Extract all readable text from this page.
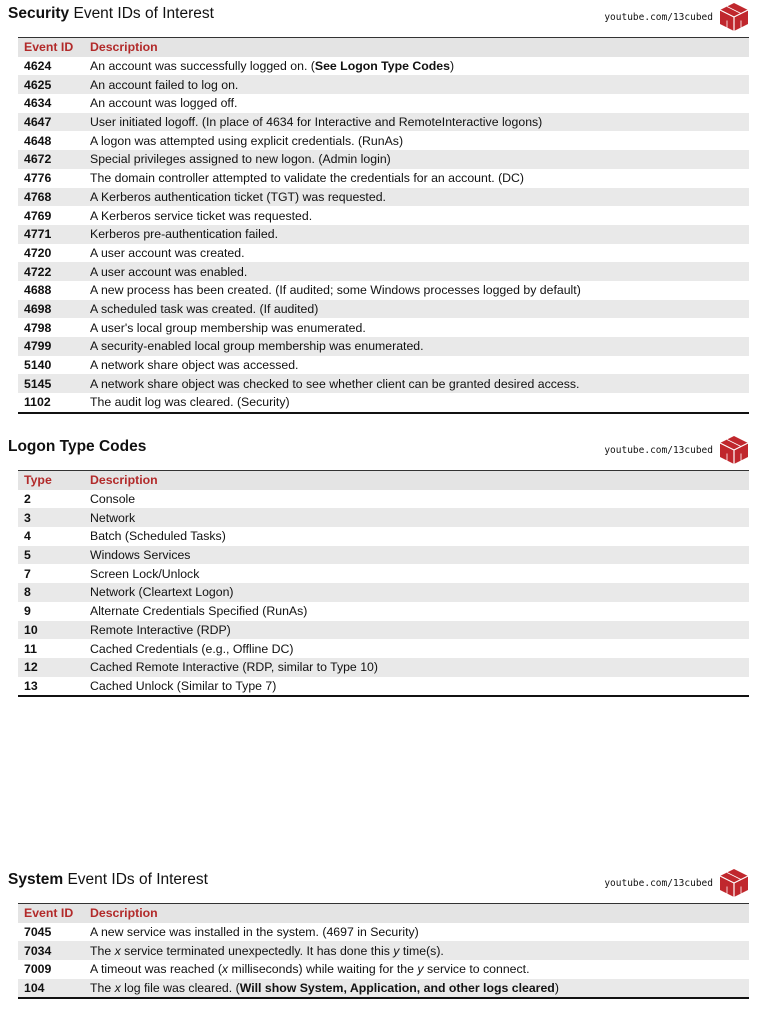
Security Event IDs of Interest	youtube.com/13cubed
Event ID	Description
4624	An account was successfully logged on. (See Logon Type Codes)
4625	An account failed to log on.
4634	An account was logged off.
4647	User initiated logoff. (In place of 4634 for Interactive and RemoteInteractive logons)
4648	A logon was attempted using explicit credentials. (RunAs)
4672	Special privileges assigned to new logon. (Admin login)
4776	The domain controller attempted to validate the credentials for an account. (DC)
4768	A Kerberos authentication ticket (TGT) was requested.
4769	A Kerberos service ticket was requested.
4771	Kerberos pre-authentication failed.
4720	A user account was created.
4722	A user account was enabled.
4688	A new process has been created. (If audited; some Windows processes logged by default)
4698	A scheduled task was created. (If audited)
4798	A user's local group membership was enumerated.
4799	A security-enabled local group membership was enumerated.
5140	A network share object was accessed.
5145	A network share object was checked to see whether client can be granted desired access.
1102	The audit log was cleared. (Security)
Logon Type Codes	youtube.com/13cubed
Type	Description
2	Console
3	Network
4	Batch (Scheduled Tasks)
5	Windows Services
7	Screen Lock/Unlock
8	Network (Cleartext Logon)
9	Alternate Credentials Specified (RunAs)
10	Remote Interactive (RDP)
11	Cached Credentials (e.g., Offline DC)
12	Cached Remote Interactive (RDP, similar to Type 10)
13	Cached Unlock (Similar to Type 7)
System Event IDs of Interest	youtube.com/13cubed
Event ID	Description
7045	A new service was installed in the system. (4697 in Security)
7034	The x service terminated unexpectedly. It has done this y time(s).
7009	A timeout was reached (x milliseconds) while waiting for the y service to connect.
104	The x log file was cleared. (Will show System, Application, and other logs cleared)
